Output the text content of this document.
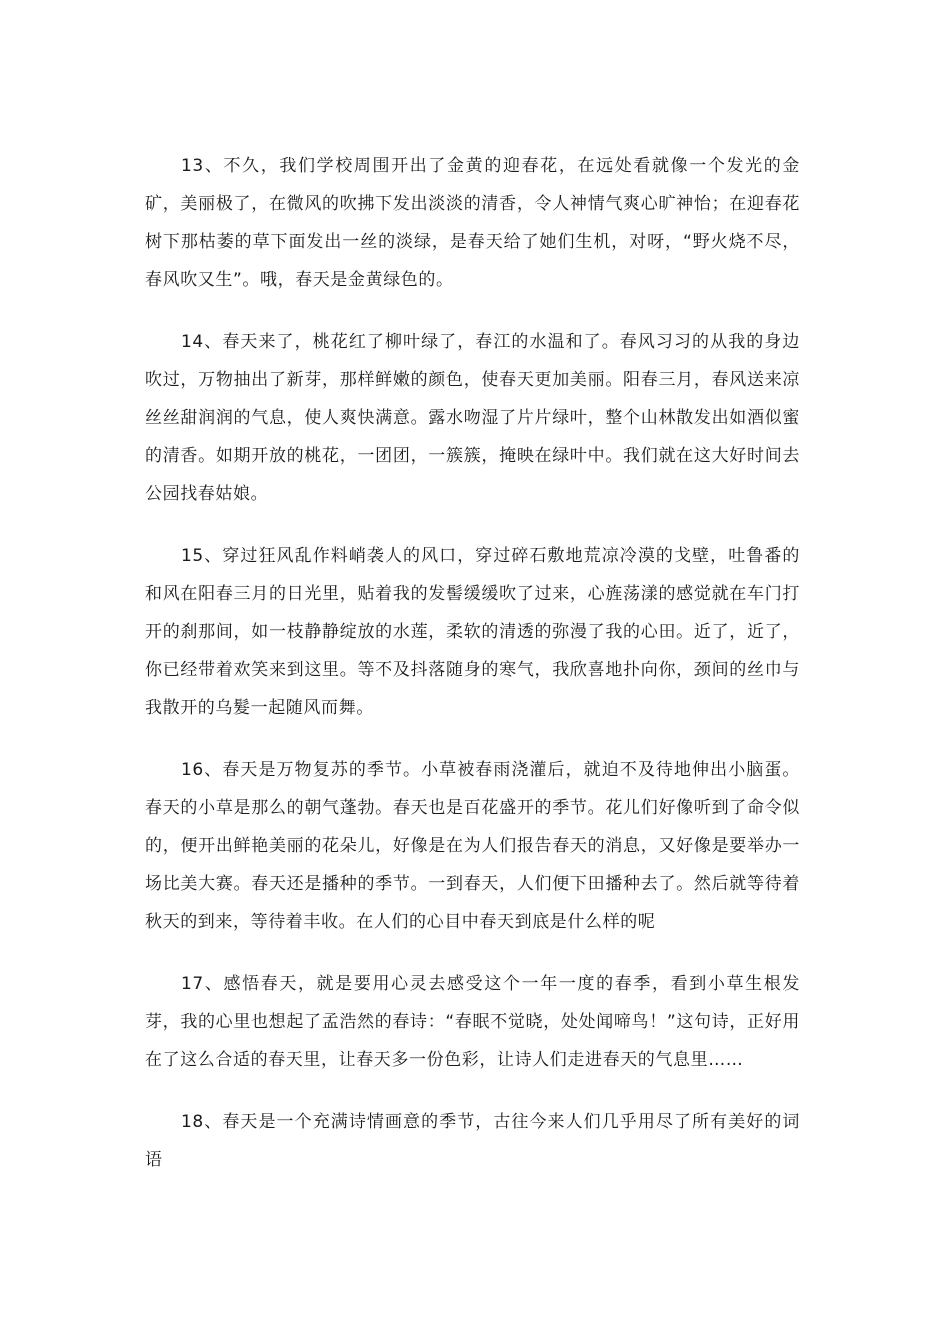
13、不久，我们学校周围开出了金黄的迎春花，在远处看就像一个发光的金矿，美丽极了，在微风的吹拂下发出淡淡的清香，令人神情气爽心旷神怡；在迎春花树下那枯萎的草下面发出一丝的淡绿，是春天给了她们生机，对呀，“野火烧不尽，春风吹又生”。哦，春天是金黄绿色的。

14、春天来了，桃花红了柳叶绿了，春江的水温和了。春风习习的从我的身边吹过，万物抽出了新芽，那样鲜嫩的颜色，使春天更加美丽。阳春三月，春风送来凉丝丝甜润润的气息，使人爽快满意。露水吻湿了片片绿叶，整个山林散发出如酒似蜜的清香。如期开放的桃花，一团团，一簇簇，掩映在绿叶中。我们就在这大好时间去公园找春姑娘。

15、穿过狂风乱作料峭袭人的风口，穿过碎石敷地荒凉冷漠的戈壁，吐鲁番的和风在阳春三月的日光里，贴着我的发髻缓缓吹了过来，心旌荡漾的感觉就在车门打开的刹那间，如一枝静静绽放的水莲，柔软的清透的弥漫了我的心田。近了，近了，你已经带着欢笑来到这里。等不及抖落随身的寒气，我欣喜地扑向你，颈间的丝巾与我散开的乌髮一起随风而舞。

16、春天是万物复苏的季节。小草被春雨浇灌后，就迫不及待地伸出小脑蛋。春天的小草是那么的朝气蓬勃。春天也是百花盛开的季节。花儿们好像听到了命令似的，便开出鲜艳美丽的花朵儿，好像是在为人们报告春天的消息，又好像是要举办一场比美大赛。春天还是播种的季节。一到春天，人们便下田播种去了。然后就等待着秋天的到来，等待着丰收。在人们的心目中春天到底是什么样的呢

17、感悟春天，就是要用心灵去感受这个一年一度的春季，看到小草生根发芽，我的心里也想起了孟浩然的春诗：“春眠不觉晓，处处闻啼鸟！”这句诗，正好用在了这么合适的春天里，让春天多一份色彩，让诗人们走进春天的气息里……

18、春天是一个充满诗情画意的季节，古往今来人们几乎用尽了所有美好的词语
